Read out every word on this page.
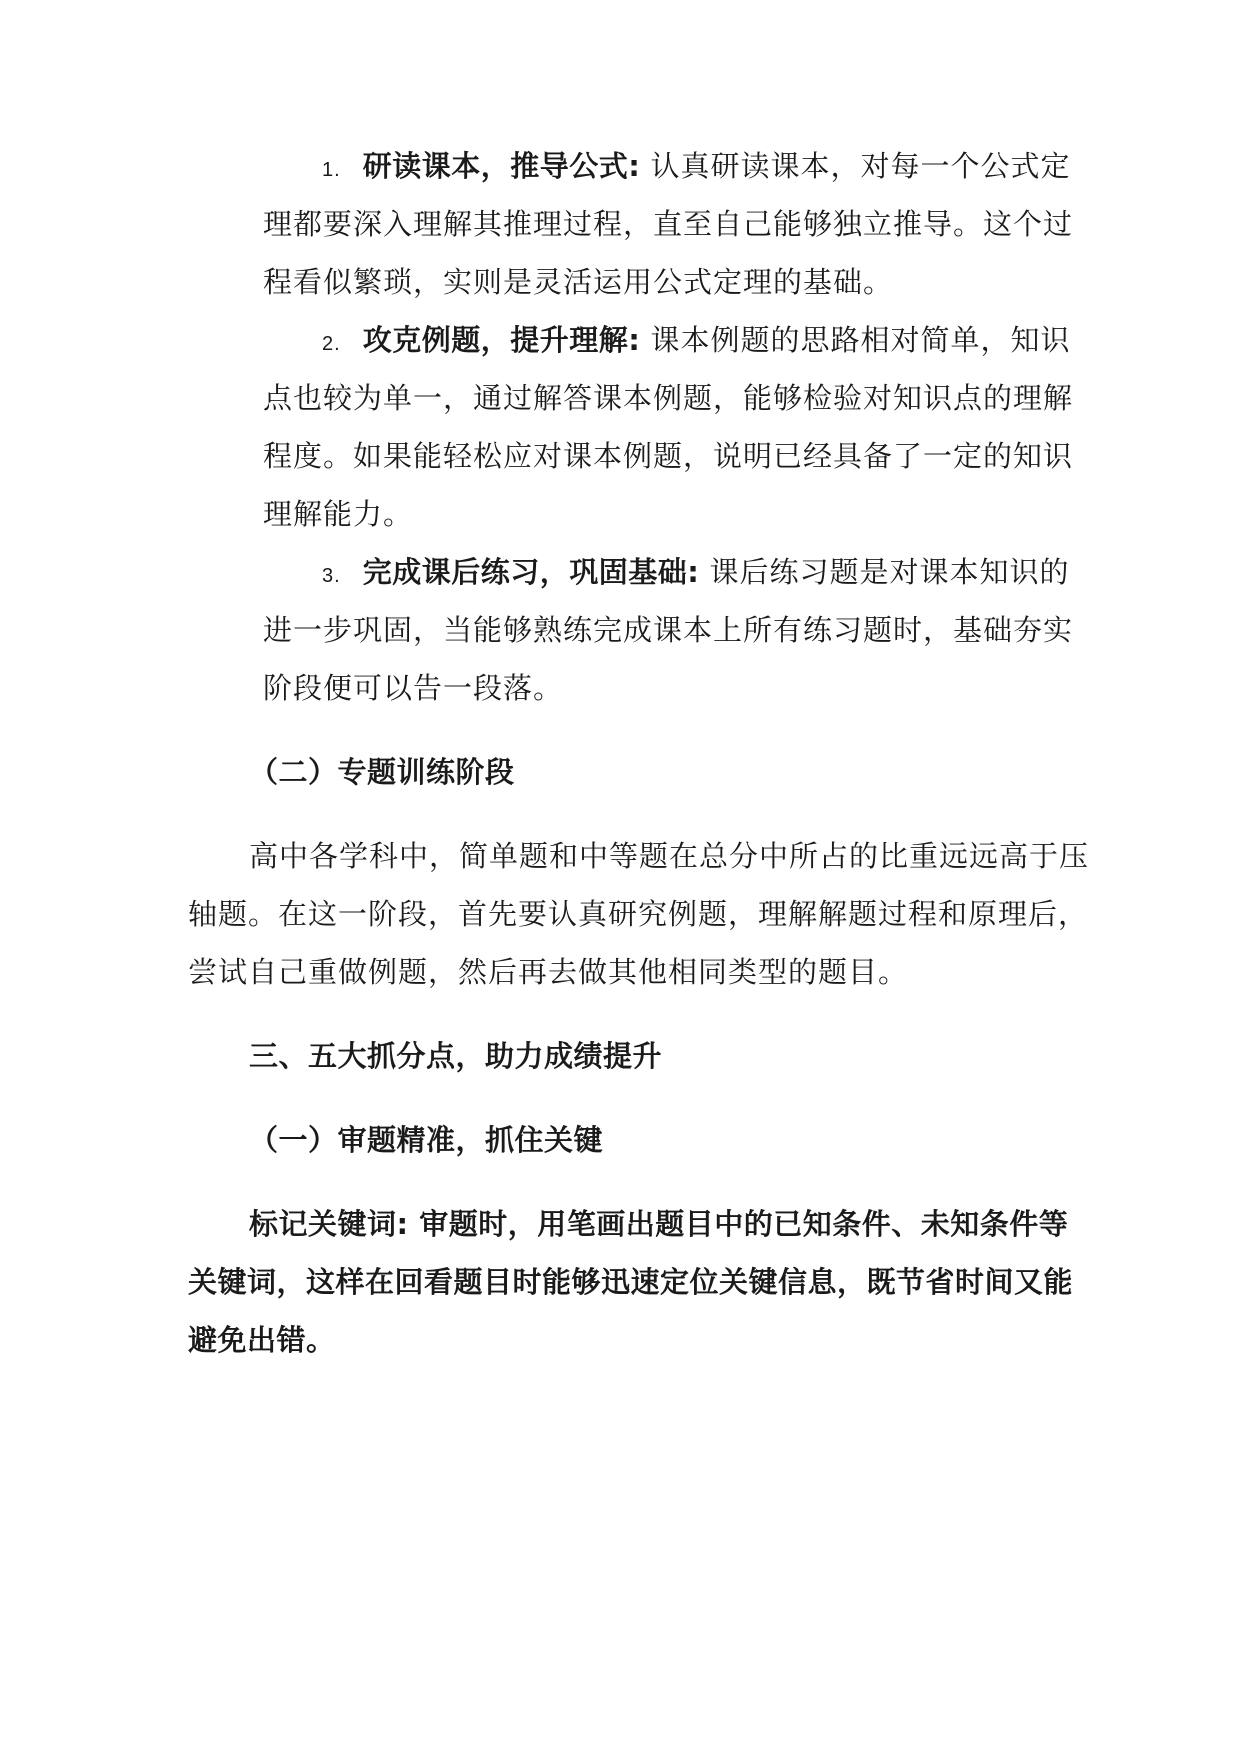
1. 研读课本，推导公式: 认真研读课本，对每一个公式定
理都要深入理解其推理过程，直至自己能够独立推导。这个过
程看似繁琐，实则是灵活运用公式定理的基础。
2. 攻克例题，提升理解: 课本例题的思路相对简单，知识
点也较为单一，通过解答课本例题，能够检验对知识点的理解
程度。如果能轻松应对课本例题，说明已经具备了一定的知识
理解能力。
3. 完成课后练习，巩固基础: 课后练习题是对课本知识的
进一步巩固，当能够熟练完成课本上所有练习题时，基础夯实
阶段便可以告一段落。
（二）专题训练阶段
高中各学科中，简单题和中等题在总分中所占的比重远远高于压
轴题。在这一阶段，首先要认真研究例题，理解解题过程和原理后，
尝试自己重做例题，然后再去做其他相同类型的题目。
三、五大抓分点，助力成绩提升
（一）审题精准，抓住关键
标记关键词: 审题时，用笔画出题目中的已知条件、未知条件等
关键词，这样在回看题目时能够迅速定位关键信息，既节省时间又能
避免出错。
